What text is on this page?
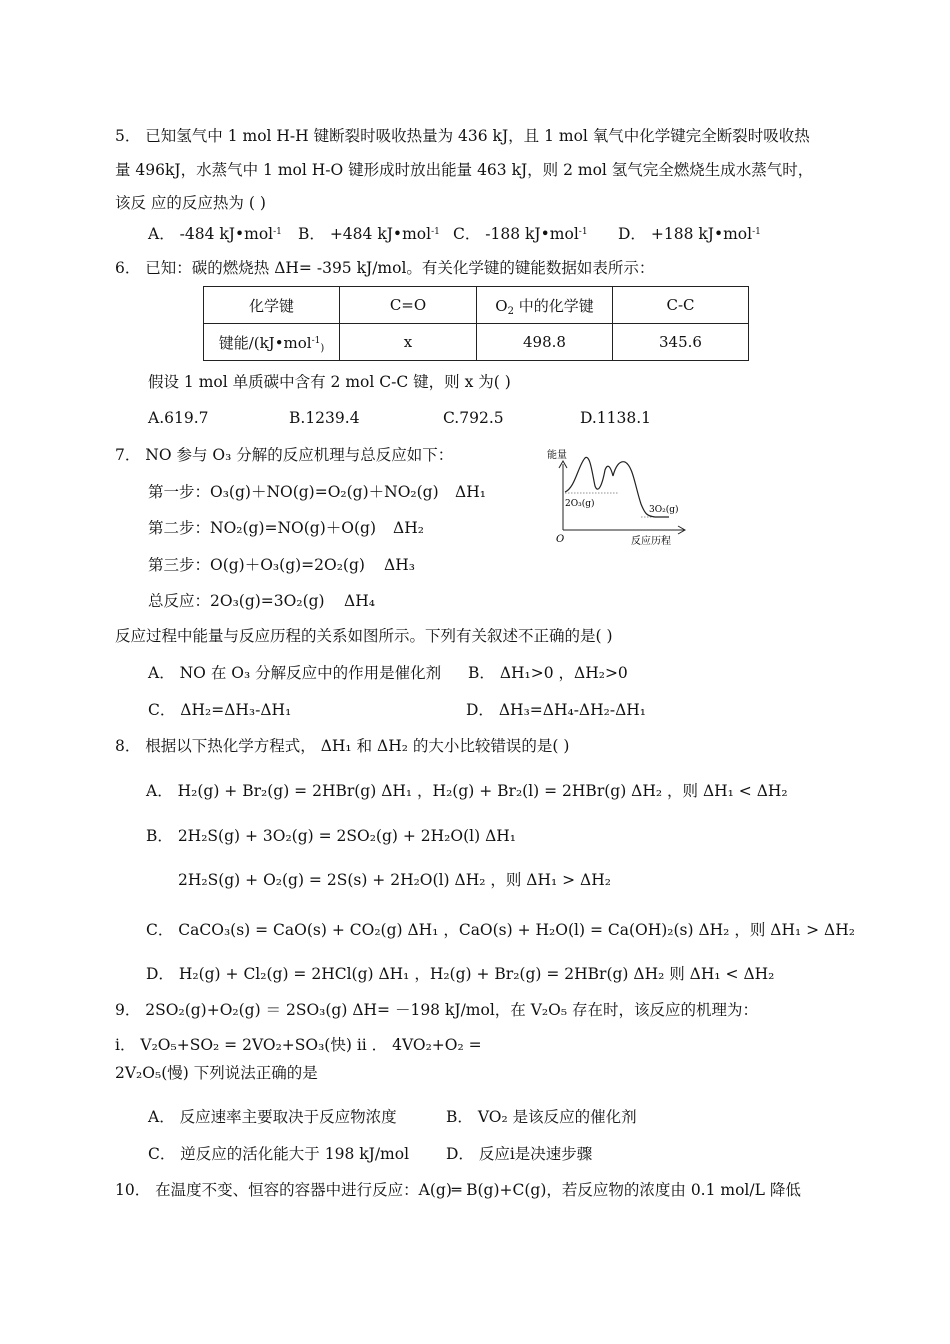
5． 已知氢气中 1 mol H-H 键断裂时吸收热量为 436 kJ，且 1 mol 氧气中化学键完全断裂时吸收热
量 496kJ，水蒸气中 1 mol H-O 键形成时放出能量 463 kJ，则 2 mol 氢气完全燃烧生成水蒸气时，
该反 应的反应热为 ( )
A． -484 kJ•mol$^{-1}$ B． +484 kJ•mol$^{-1}$ C． -188 kJ•mol$^{-1}$ D． +188 kJ•mol$^{-1}$
6． 已知：碳的燃烧热 ΔH= -395 kJ/mol。有关化学键的键能数据如表所示：
化学键	C=O	$O_2$ 中的化学键	C-C
键能/(kJ•mol$^{-1}_)$	x	498.8	345.6
假设 1 mol 单质碳中含有 2 mol C-C 键，则 x 为( )
A.619.7	B.1239.4	C.792.5	D.1138.1
7． NO 参与 O₃ 分解的反应机理与总反应如下：
第一步：O₃(g)＋NO(g)=O₂(g)＋NO₂(g) ΔH₁
第二步：NO₂(g)=NO(g)＋O(g) ΔH₂
第三步：O(g)＋O₃(g)=2O₂(g) ΔH₃
总反应：2O₃(g)=3O₂(g) ΔH₄
能量
2O₃(g)
3O₂(g)
O	反应历程
反应过程中能量与反应历程的关系如图所示。下列有关叙述不正确的是( )
A． NO 在 O₃ 分解反应中的作用是催化剂 B． ΔH₁>0 ，ΔH₂>0
C． ΔH₂=ΔH₃-ΔH₁	D． ΔH₃=ΔH₄-ΔH₂-ΔH₁
8． 根据以下热化学方程式， ΔH₁ 和 ΔH₂ 的大小比较错误的是( )
A． H₂(g) + Br₂(g) = 2HBr(g) ΔH₁ ，H₂(g) + Br₂(l) = 2HBr(g) ΔH₂ ，则 ΔH₁ < ΔH₂
B． 2H₂S(g) + 3O₂(g) = 2SO₂(g) + 2H₂O(l) ΔH₁
2H₂S(g) + O₂(g) = 2S(s) + 2H₂O(l) ΔH₂ ，则 ΔH₁ > ΔH₂
C． CaCO₃(s) = CaO(s) + CO₂(g) ΔH₁ ，CaO(s) + H₂O(l) = Ca(OH)₂(s) ΔH₂ ，则 ΔH₁ > ΔH₂
D． H₂(g) + Cl₂(g) = 2HCl(g) ΔH₁ ，H₂(g) + Br₂(g) = 2HBr(g) ΔH₂ 则 ΔH₁ < ΔH₂
9． 2SO₂(g)+O₂(g) ＝ 2SO₃(g) ΔH= －198 kJ/mol，在 V₂O₅ 存在时，该反应的机理为：
i． V₂O₅+SO₂ = 2VO₂+SO₃(快) ii ． 4VO₂+O₂ =
2V₂O₅(慢) 下列说法正确的是
A． 反应速率主要取决于反应物浓度	B． VO₂ 是该反应的催化剂
C． 逆反应的活化能大于 198 kJ/mol D． 反应i是决速步骤
10． 在温度不变、恒容的容器中进行反应：A(g)═ B(g)+C(g)，若反应物的浓度由 0.1 mol/L 降低
